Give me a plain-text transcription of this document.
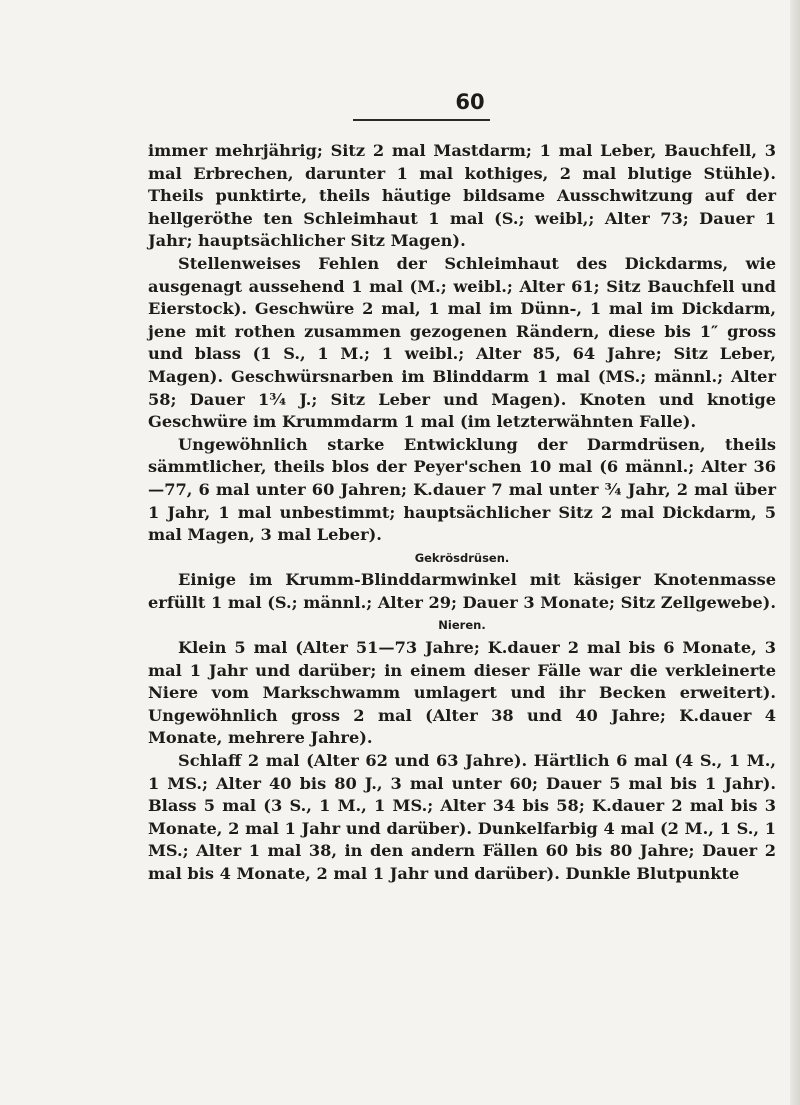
60

immer mehrjährig; Sitz 2 mal Mastdarm; 1 mal Leber, Bauchfell, 3 mal Erbrechen, darunter 1 mal kothiges, 2 mal blutige Stühle). Theils punktirte, theils häutige bildsame Ausschwitzung auf der hellgeröthe ten Schleimhaut 1 mal (S.; weibl,; Alter 73; Dauer 1 Jahr; hauptsächlicher Sitz Magen).

Stellenweises Fehlen der Schleimhaut des Dickdarms, wie ausgenagt aussehend 1 mal (M.; weibl.; Alter 61; Sitz Bauchfell und Eierstock). Geschwüre 2 mal, 1 mal im Dünn-, 1 mal im Dickdarm, jene mit rothen zusammen gezogenen Rändern, diese bis 1″ gross und blass (1 S., 1 M.; 1 weibl.; Alter 85, 64 Jahre; Sitz Leber, Magen). Geschwürsnarben im Blinddarm 1 mal (MS.; männl.; Alter 58; Dauer 1¾ J.; Sitz Leber und Magen). Knoten und knotige Geschwüre im Krummdarm 1 mal (im letzterwähnten Falle).

Ungewöhnlich starke Entwicklung der Darmdrüsen, theils sämmtlicher, theils blos der Peyer'schen 10 mal (6 männl.; Alter 36—77, 6 mal unter 60 Jahren; K.dauer 7 mal unter ¾ Jahr, 2 mal über 1 Jahr, 1 mal unbestimmt; hauptsächlicher Sitz 2 mal Dickdarm, 5 mal Magen, 3 mal Leber).

Gekrösdrüsen.

Einige im Krumm-Blinddarmwinkel mit käsiger Knotenmasse erfüllt 1 mal (S.; männl.; Alter 29; Dauer 3 Monate; Sitz Zellgewebe).

Nieren.

Klein 5 mal (Alter 51—73 Jahre; K.dauer 2 mal bis 6 Monate, 3 mal 1 Jahr und darüber; in einem dieser Fälle war die verkleinerte Niere vom Markschwamm umlagert und ihr Becken erweitert). Ungewöhnlich gross 2 mal (Alter 38 und 40 Jahre; K.dauer 4 Monate, mehrere Jahre).

Schlaff 2 mal (Alter 62 und 63 Jahre). Härtlich 6 mal (4 S., 1 M., 1 MS.; Alter 40 bis 80 J., 3 mal unter 60; Dauer 5 mal bis 1 Jahr). Blass 5 mal (3 S., 1 M., 1 MS.; Alter 34 bis 58; K.dauer 2 mal bis 3 Monate, 2 mal 1 Jahr und darüber). Dunkelfarbig 4 mal (2 M., 1 S., 1 MS.; Alter 1 mal 38, in den andern Fällen 60 bis 80 Jahre; Dauer 2 mal bis 4 Monate, 2 mal 1 Jahr und darüber). Dunkle Blutpunkte
